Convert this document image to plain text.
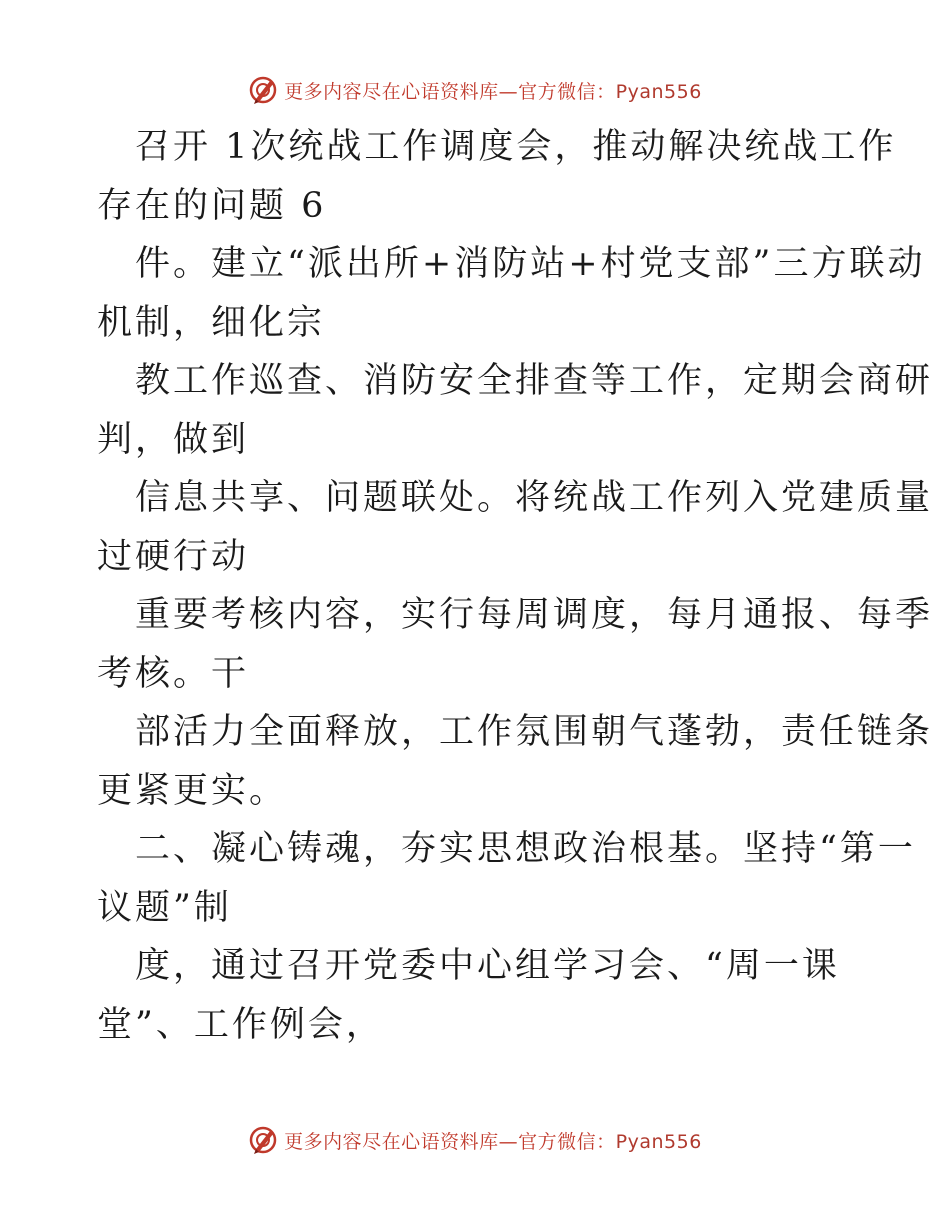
更多内容尽在心语资料库—官方微信：Pyan556
召开 1次统战工作调度会，推动解决统战工作
存在的问题 6
件。建立“派出所+消防站+村党支部”三方联动
机制，细化宗
教工作巡查、消防安全排查等工作，定期会商研
判，做到
信息共享、问题联处。将统战工作列入党建质量
过硬行动
重要考核内容，实行每周调度，每月通报、每季
考核。干
部活力全面释放，工作氛围朝气蓬勃，责任链条
更紧更实。
二、凝心铸魂，夯实思想政治根基。坚持“第一
议题”制
度，通过召开党委中心组学习会、“周一课
堂”、工作例会，
更多内容尽在心语资料库—官方微信：Pyan556
